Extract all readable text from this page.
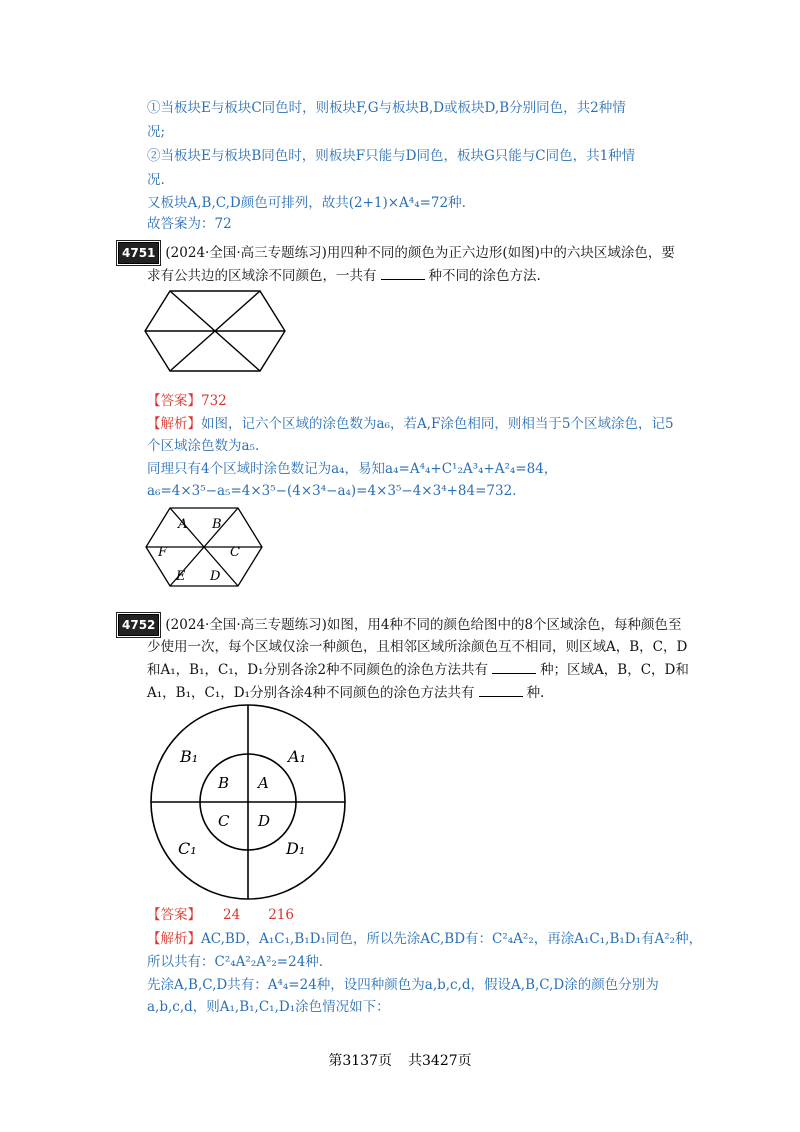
①当板块E与板块C同色时，则板块F,G与板块B,D或板块D,B分别同色，共2种情
况;
②当板块E与板块B同色时，则板块F只能与D同色，板块G只能与C同色，共1种情
况.
又板块A,B,C,D颜色可排列，故共(2+1)×A⁴₄=72种.
故答案为：72
4751 (2024·全国·高三专题练习)用四种不同的颜色为正六边形(如图)中的六块区域涂色，要
求有公共边的区域涂不同颜色，一共有	种不同的涂色方法.
【答案】732
【解析】如图，记六个区域的涂色数为a₆，若A,F涂色相同，则相当于5个区域涂色，记5
个区域涂色数为a₅.
同理只有4个区域时涂色数记为a₄，易知a₄=A⁴₄+C¹₂A³₄+A²₄=84，
a₆=4×3⁵−a₅=4×3⁵−(4×3⁴−a₄)=4×3⁵−4×3⁴+84=732.
A B
C
D
E
F
4752 (2024·全国·高三专题练习)如图，用4种不同的颜色给图中的8个区域涂色，每种颜色至
少使用一次，每个区域仅涂一种颜色，且相邻区域所涂颜色互不相同，则区域A，B，C，D
和A₁，B₁，C₁，D₁分别各涂2种不同颜色的涂色方法共有	种；区域A，B，C，D和
A₁，B₁，C₁，D₁分别各涂4种不同颜色的涂色方法共有	种.
B A
C D
B₁	A₁
C₁	D₁
【答案】 24 216
【解析】AC,BD，A₁C₁,B₁D₁同色，所以先涂AC,BD有：C²₄A²₂，再涂A₁C₁,B₁D₁有A²₂种，
所以共有：C²₄A²₂A²₂=24种.
先涂A,B,C,D共有：A⁴₄=24种，设四种颜色为a,b,c,d，假设A,B,C,D涂的颜色分别为
a,b,c,d，则A₁,B₁,C₁,D₁涂色情况如下：
第3137页 共3427页
